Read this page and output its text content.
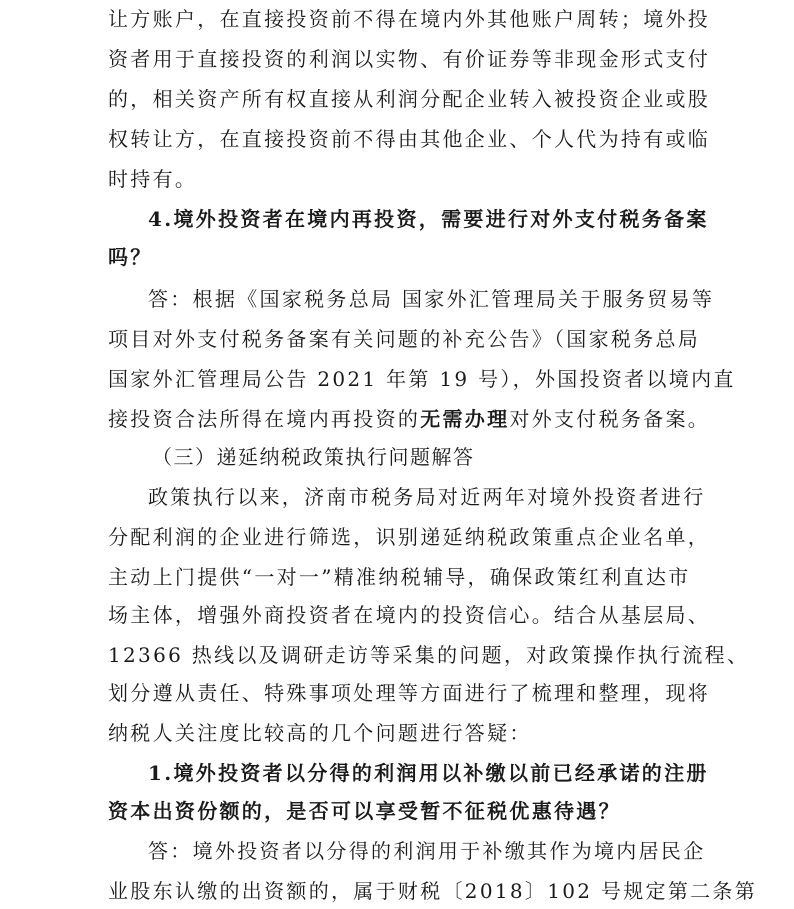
让方账户，在直接投资前不得在境内外其他账户周转；境外投
资者用于直接投资的利润以实物、有价证券等非现金形式支付
的，相关资产所有权直接从利润分配企业转入被投资企业或股
权转让方，在直接投资前不得由其他企业、个人代为持有或临
时持有。
4.境外投资者在境内再投资，需要进行对外支付税务备案
吗？
答：根据《国家税务总局 国家外汇管理局关于服务贸易等
项目对外支付税务备案有关问题的补充公告》（国家税务总局
国家外汇管理局公告 2021 年第 19 号），外国投资者以境内直
接投资合法所得在境内再投资的无需办理对外支付税务备案。
（三）递延纳税政策执行问题解答
政策执行以来，济南市税务局对近两年对境外投资者进行
分配利润的企业进行筛选，识别递延纳税政策重点企业名单，
主动上门提供“一对一”精准纳税辅导，确保政策红利直达市
场主体，增强外商投资者在境内的投资信心。结合从基层局、
12366 热线以及调研走访等采集的问题，对政策操作执行流程、
划分遵从责任、特殊事项处理等方面进行了梳理和整理，现将
纳税人关注度比较高的几个问题进行答疑：
1.境外投资者以分得的利润用以补缴以前已经承诺的注册
资本出资份额的，是否可以享受暂不征税优惠待遇？
答：境外投资者以分得的利润用于补缴其作为境内居民企
业股东认缴的出资额的，属于财税〔2018〕102 号规定第二条第
